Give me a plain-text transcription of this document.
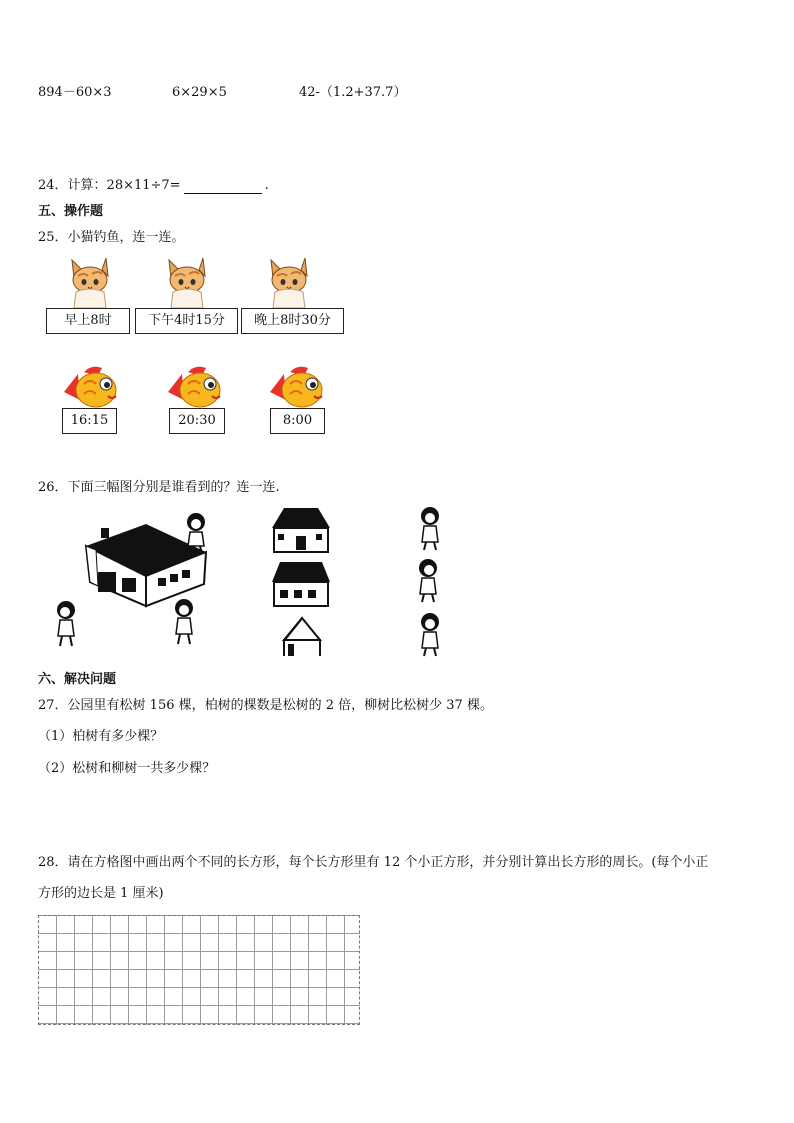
894－60×3	6×29×5	42-（1.2+37.7）
24．计算：28×11÷7=	.
五、操作题
25．小猫钓鱼，连一连。
早上8时	下午4时15分	晚上8时30分
16:15	20:30	8:00
26．下面三幅图分别是谁看到的？连一连.
六、解决问题
27．公园里有松树 156 棵，柏树的棵数是松树的 2 倍，柳树比松树少 37 棵。
（1）柏树有多少棵？
（2）松树和柳树一共多少棵？
28．请在方格图中画出两个不同的长方形，每个长方形里有 12 个小正方形，并分别计算出长方形的周长。(每个小正
方形的边长是 1 厘米)
